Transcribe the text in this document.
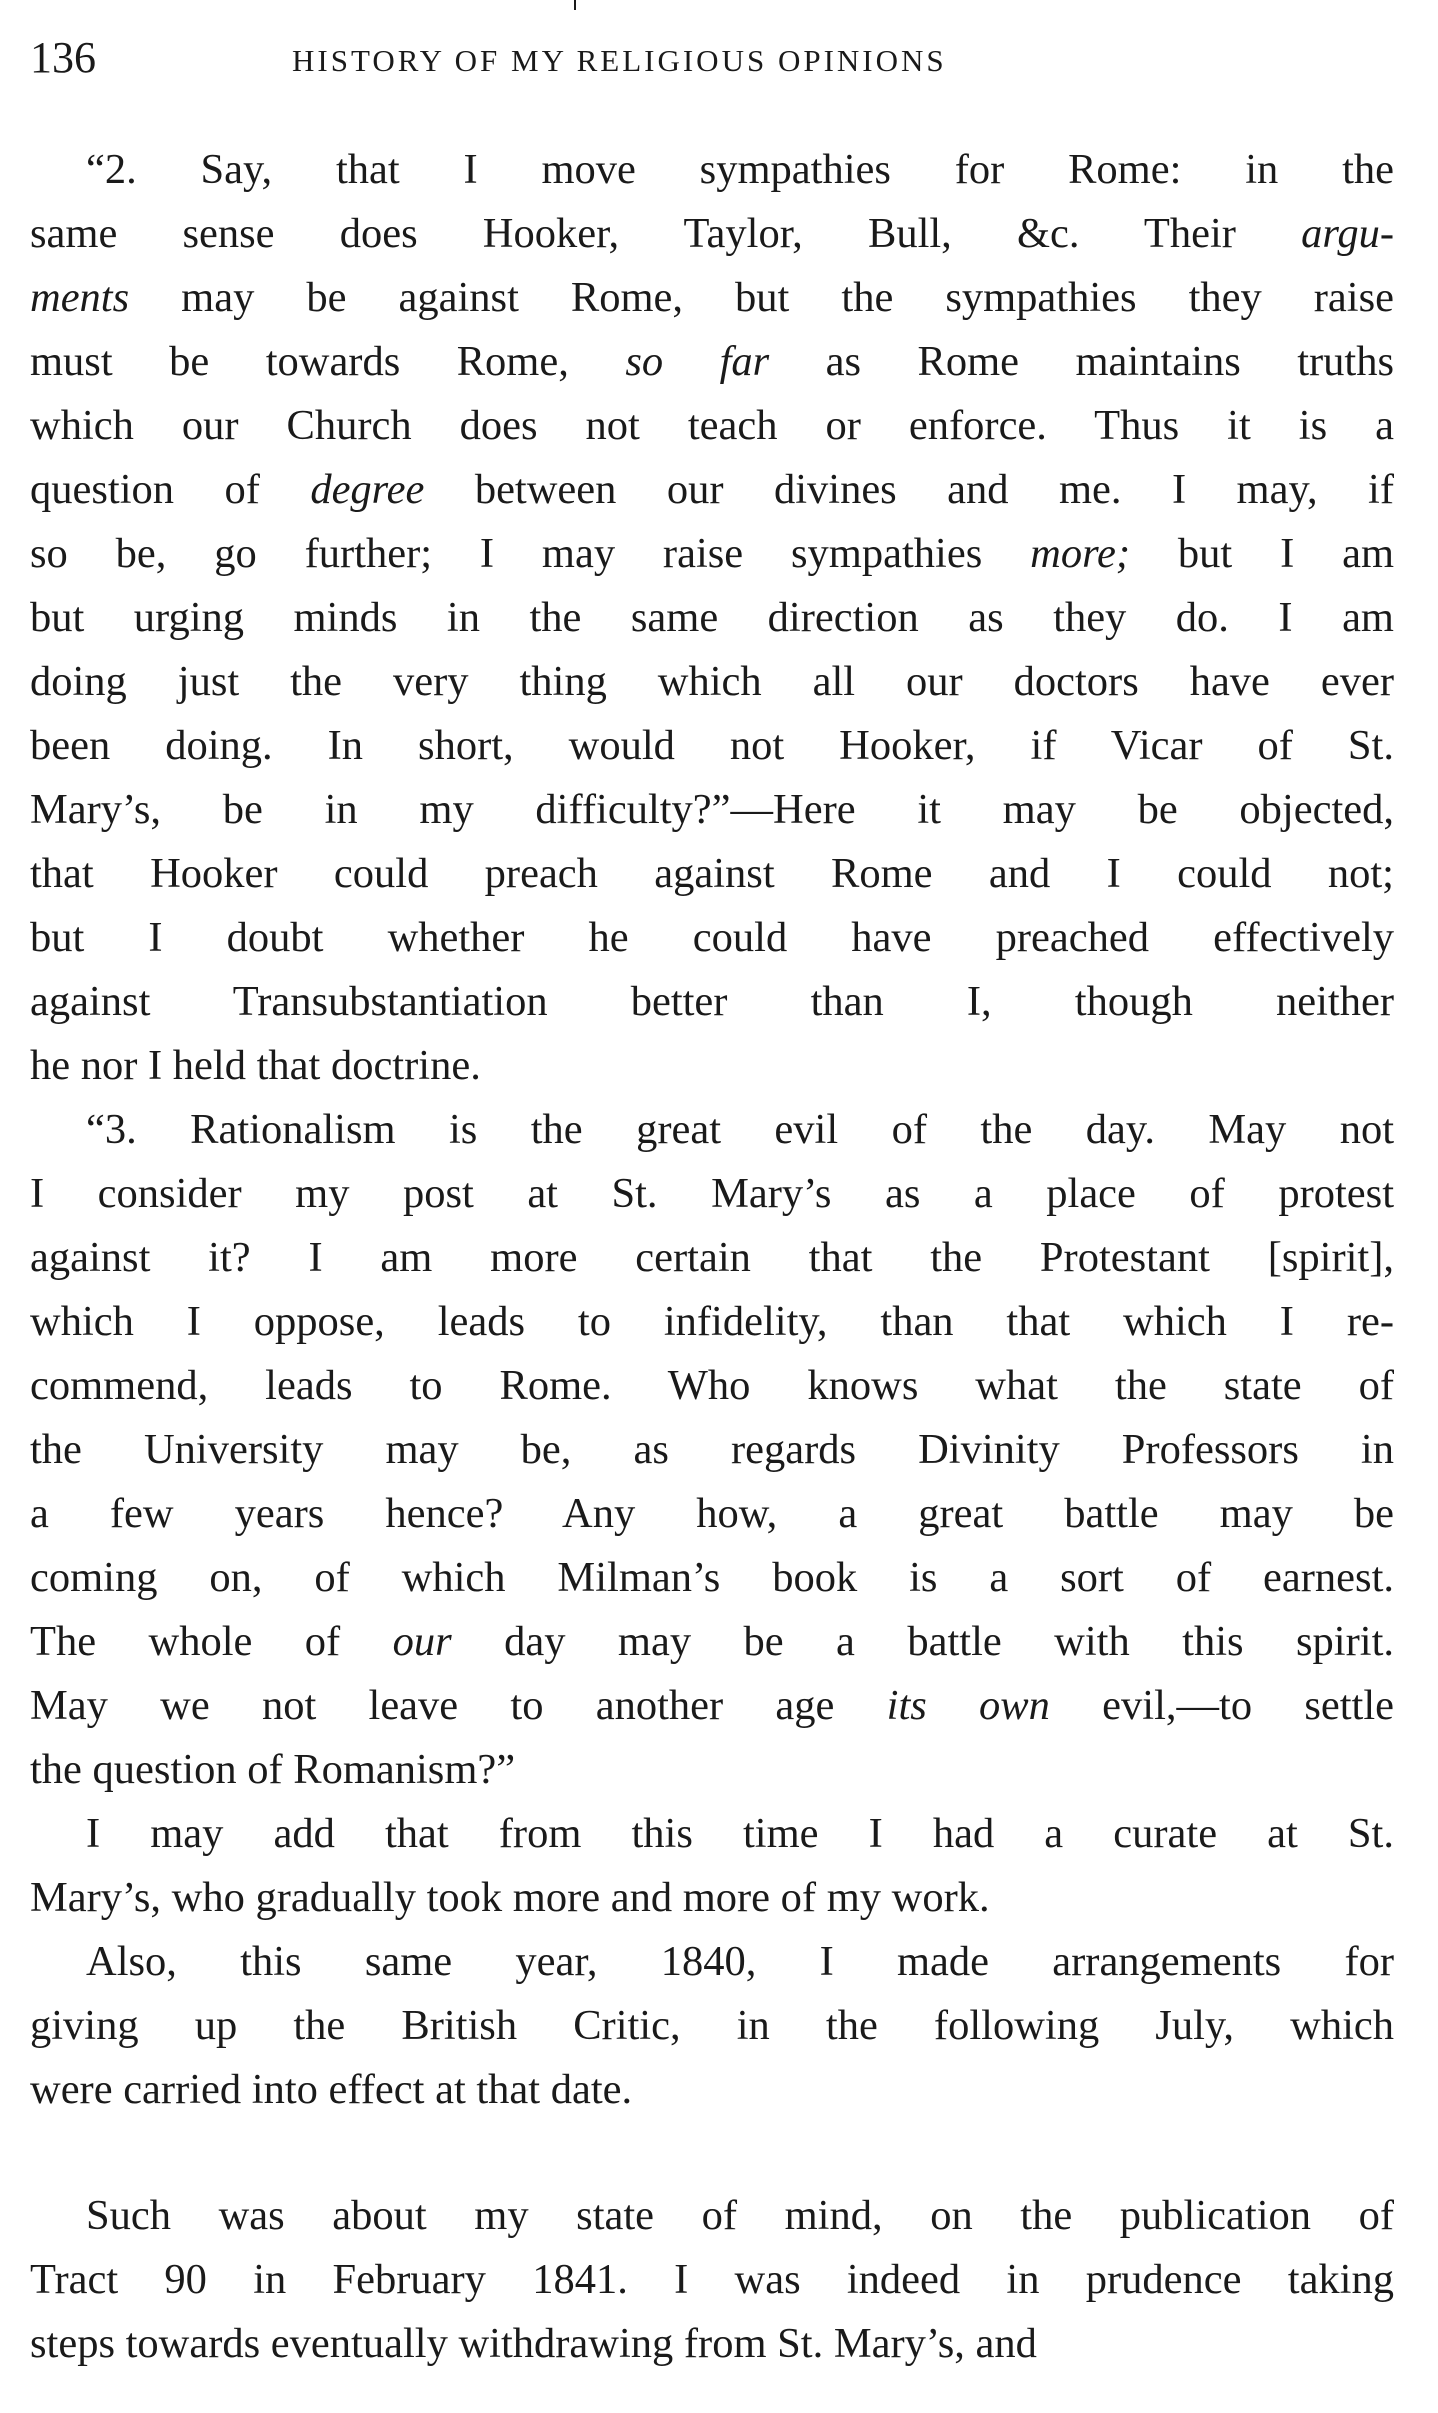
136	HISTORY OF MY RELIGIOUS OPINIONS
“2. Say, that I move sympathies for Rome: in the
same sense does Hooker, Taylor, Bull, &c. Their argu-
ments may be against Rome, but the sympathies they raise
must be towards Rome, so far as Rome maintains truths
which our Church does not teach or enforce. Thus it is a
question of degree between our divines and me. I may, if
so be, go further; I may raise sympathies more; but I am
but urging minds in the same direction as they do. I am
doing just the very thing which all our doctors have ever
been doing. In short, would not Hooker, if Vicar of St.
Mary’s, be in my difficulty?”—Here it may be objected,
that Hooker could preach against Rome and I could not;
but I doubt whether he could have preached effectively
against Transubstantiation better than I, though neither
he nor I held that doctrine.
“3. Rationalism is the great evil of the day. May not
I consider my post at St. Mary’s as a place of protest
against it? I am more certain that the Protestant [spirit],
which I oppose, leads to infidelity, than that which I re-
commend, leads to Rome. Who knows what the state of
the University may be, as regards Divinity Professors in
a few years hence? Any how, a great battle may be
coming on, of which Milman’s book is a sort of earnest.
The whole of our day may be a battle with this spirit.
May we not leave to another age its own evil,—to settle
the question of Romanism?”
I may add that from this time I had a curate at St.
Mary’s, who gradually took more and more of my work.
Also, this same year, 1840, I made arrangements for
giving up the British Critic, in the following July, which
were carried into effect at that date.
Such was about my state of mind, on the publication of
Tract 90 in February 1841. I was indeed in prudence taking
steps towards eventually withdrawing from St. Mary’s, and
